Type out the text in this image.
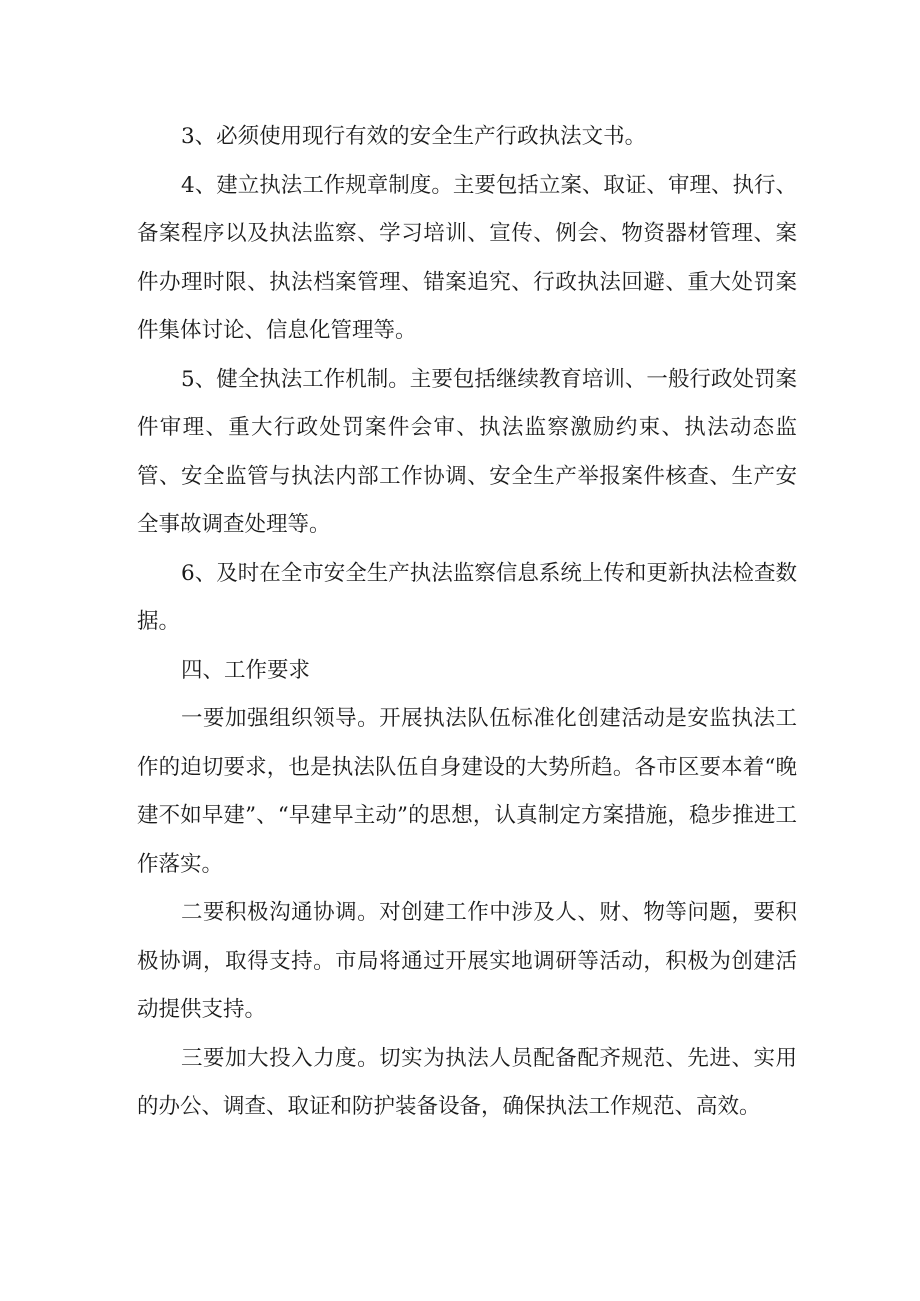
3、必须使用现行有效的安全生产行政执法文书。

4、建立执法工作规章制度。主要包括立案、取证、审理、执行、备案程序以及执法监察、学习培训、宣传、例会、物资器材管理、案件办理时限、执法档案管理、错案追究、行政执法回避、重大处罚案件集体讨论、信息化管理等。

5、健全执法工作机制。主要包括继续教育培训、一般行政处罚案件审理、重大行政处罚案件会审、执法监察激励约束、执法动态监管、安全监管与执法内部工作协调、安全生产举报案件核查、生产安全事故调查处理等。

6、及时在全市安全生产执法监察信息系统上传和更新执法检查数据。

四、工作要求

一要加强组织领导。开展执法队伍标准化创建活动是安监执法工作的迫切要求，也是执法队伍自身建设的大势所趋。各市区要本着“晚建不如早建”、“早建早主动”的思想，认真制定方案措施，稳步推进工作落实。

二要积极沟通协调。对创建工作中涉及人、财、物等问题，要积极协调，取得支持。市局将通过开展实地调研等活动，积极为创建活动提供支持。

三要加大投入力度。切实为执法人员配备配齐规范、先进、实用的办公、调查、取证和防护装备设备，确保执法工作规范、高效。
